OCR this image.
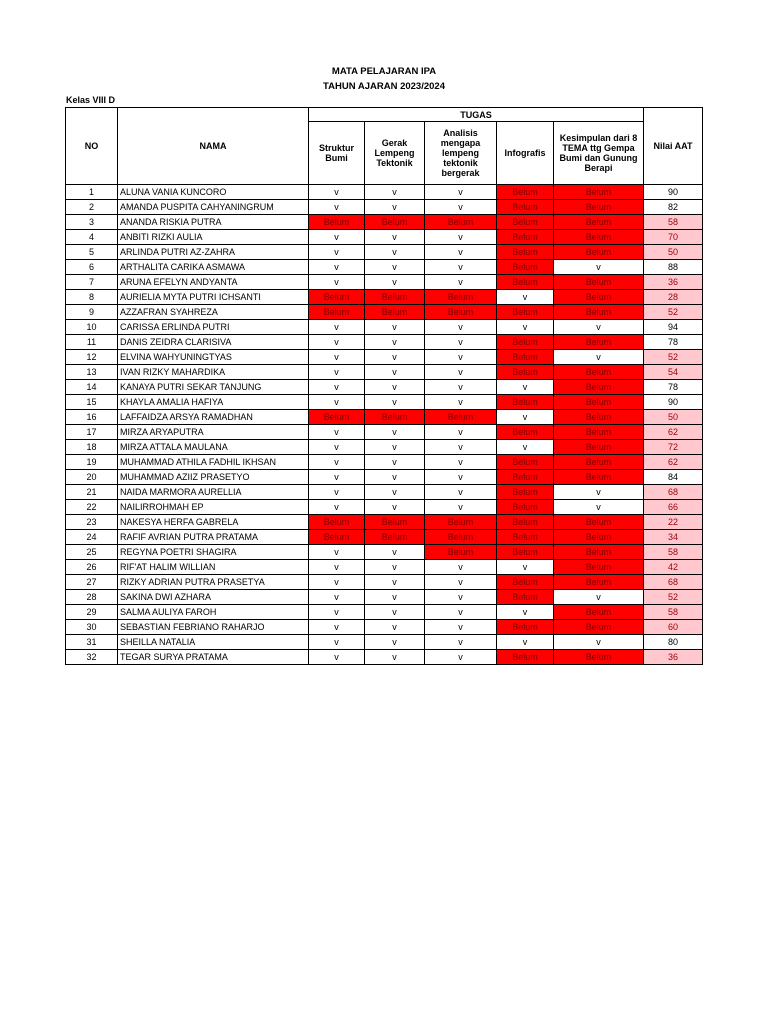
MATA PELAJARAN IPA
TAHUN AJARAN 2023/2024
Kelas VIII D
NO	NAMA	TUGAS					Nilai AAT
		Struktur Bumi	Gerak Lempeng Tektonik	Analisis mengapa lempeng tektonik bergerak	Infografis	Kesimpulan dari 8 TEMA ttg Gempa Bumi dan Gunung Berapi	
1	ALUNA VANIA KUNCORO	v	v	v	Belum	Belum	90
2	AMANDA PUSPITA CAHYANINGRUM	v	v	v	Belum	Belum	82
3	ANANDA RISKIA PUTRA	Belum	Belum	Belum	Belum	Belum	58
4	ANBITI RIZKI AULIA	v	v	v	Belum	Belum	70
5	ARLINDA PUTRI AZ-ZAHRA	v	v	v	Belum	Belum	50
6	ARTHALITA CARIKA ASMAWA	v	v	v	Belum	v	88
7	ARUNA EFELYN ANDYANTA	v	v	v	Belum	Belum	36
8	AURIELIA MYTA PUTRI ICHSANTI	Belum	Belum	Belum	v	Belum	28
9	AZZAFRAN SYAHREZA	Belum	Belum	Belum	Belum	Belum	52
10	CARISSA ERLINDA PUTRI	v	v	v	v	v	94
11	DANIS ZEIDRA CLARISIVA	v	v	v	Belum	Belum	78
12	ELVINA WAHYUNINGTYAS	v	v	v	Belum	v	52
13	IVAN RIZKY MAHARDIKA	v	v	v	Belum	Belum	54
14	KANAYA PUTRI SEKAR TANJUNG	v	v	v	v	Belum	78
15	KHAYLA AMALIA HAFIYA	v	v	v	Belum	Belum	90
16	LAFFAIDZA ARSYA RAMADHAN	Belum	Belum	Belum	v	Belum	50
17	MIRZA ARYAPUTRA	v	v	v	Belum	Belum	62
18	MIRZA ATTALA MAULANA	v	v	v	v	Belum	72
19	MUHAMMAD ATHILA FADHIL IKHSAN	v	v	v	Belum	Belum	62
20	MUHAMMAD AZIIZ PRASETYO	v	v	v	Belum	Belum	84
21	NAIDA MARMORA AURELLIA	v	v	v	Belum	v	68
22	NAILIRROHMAH EP	v	v	v	Belum	v	66
23	NAKESYA HERFA GABRELA	Belum	Belum	Belum	Belum	Belum	22
24	RAFIF AVRIAN PUTRA PRATAMA	Belum	Belum	Belum	Belum	Belum	34
25	REGYNA POETRI SHAGIRA	v	v	Belum	Belum	Belum	58
26	RIF'AT HALIM WILLIAN	v	v	v	v	Belum	42
27	RIZKY ADRIAN PUTRA PRASETYA	v	v	v	Belum	Belum	68
28	SAKINA DWI AZHARA	v	v	v	Belum	v	52
29	SALMA AULIYA FAROH	v	v	v	v	Belum	58
30	SEBASTIAN FEBRIANO RAHARJO	v	v	v	Belum	Belum	60
31	SHEILLA NATALIA	v	v	v	v	v	80
32	TEGAR SURYA PRATAMA	v	v	v	Belum	Belum	36
